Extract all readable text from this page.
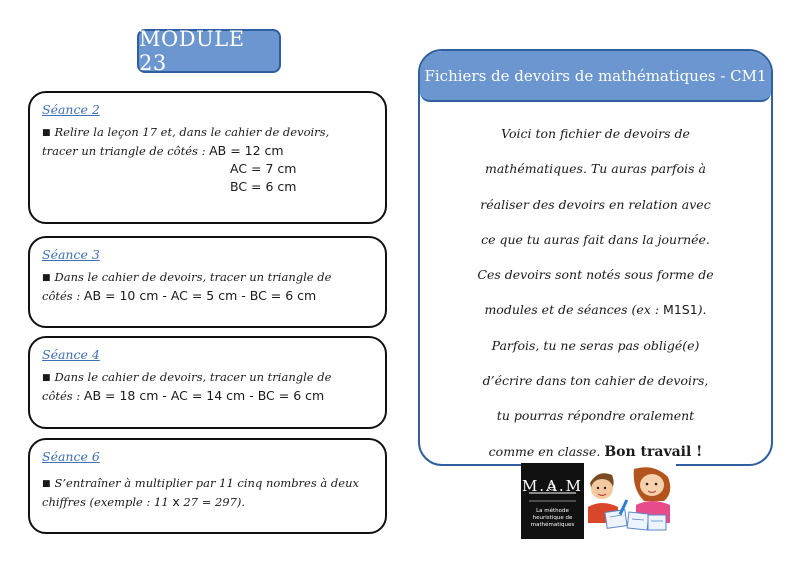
MODULE 23
Séance 2
■ Relire la leçon 17 et, dans le cahier de devoirs,
tracer un triangle de côtés : AB = 12 cm
AC = 7 cm
BC = 6 cm
Séance 3
■ Dans le cahier de devoirs, tracer un triangle de
côtés : AB = 10 cm - AC = 5 cm - BC = 6 cm
Séance 4
■ Dans le cahier de devoirs, tracer un triangle de
côtés : AB = 18 cm - AC = 14 cm - BC = 6 cm
Séance 6
■ S’entraîner à multiplier par 11 cinq nombres à deux
chiffres (exemple : 11 x 27 = 297).
Fichiers de devoirs de mathématiques - CM1
Voici ton fichier de devoirs de
mathématiques. Tu auras parfois à
réaliser des devoirs en relation avec
ce que tu auras fait dans la journée.
Ces devoirs sont notés sous forme de
modules et de séances (ex : M1S1).
Parfois, tu ne seras pas obligé(e)
d’écrire dans ton cahier de devoirs,
tu pourras répondre oralement
comme en classe. Bon travail !
M.A.M
La méthode
heuristique de
mathématiques
